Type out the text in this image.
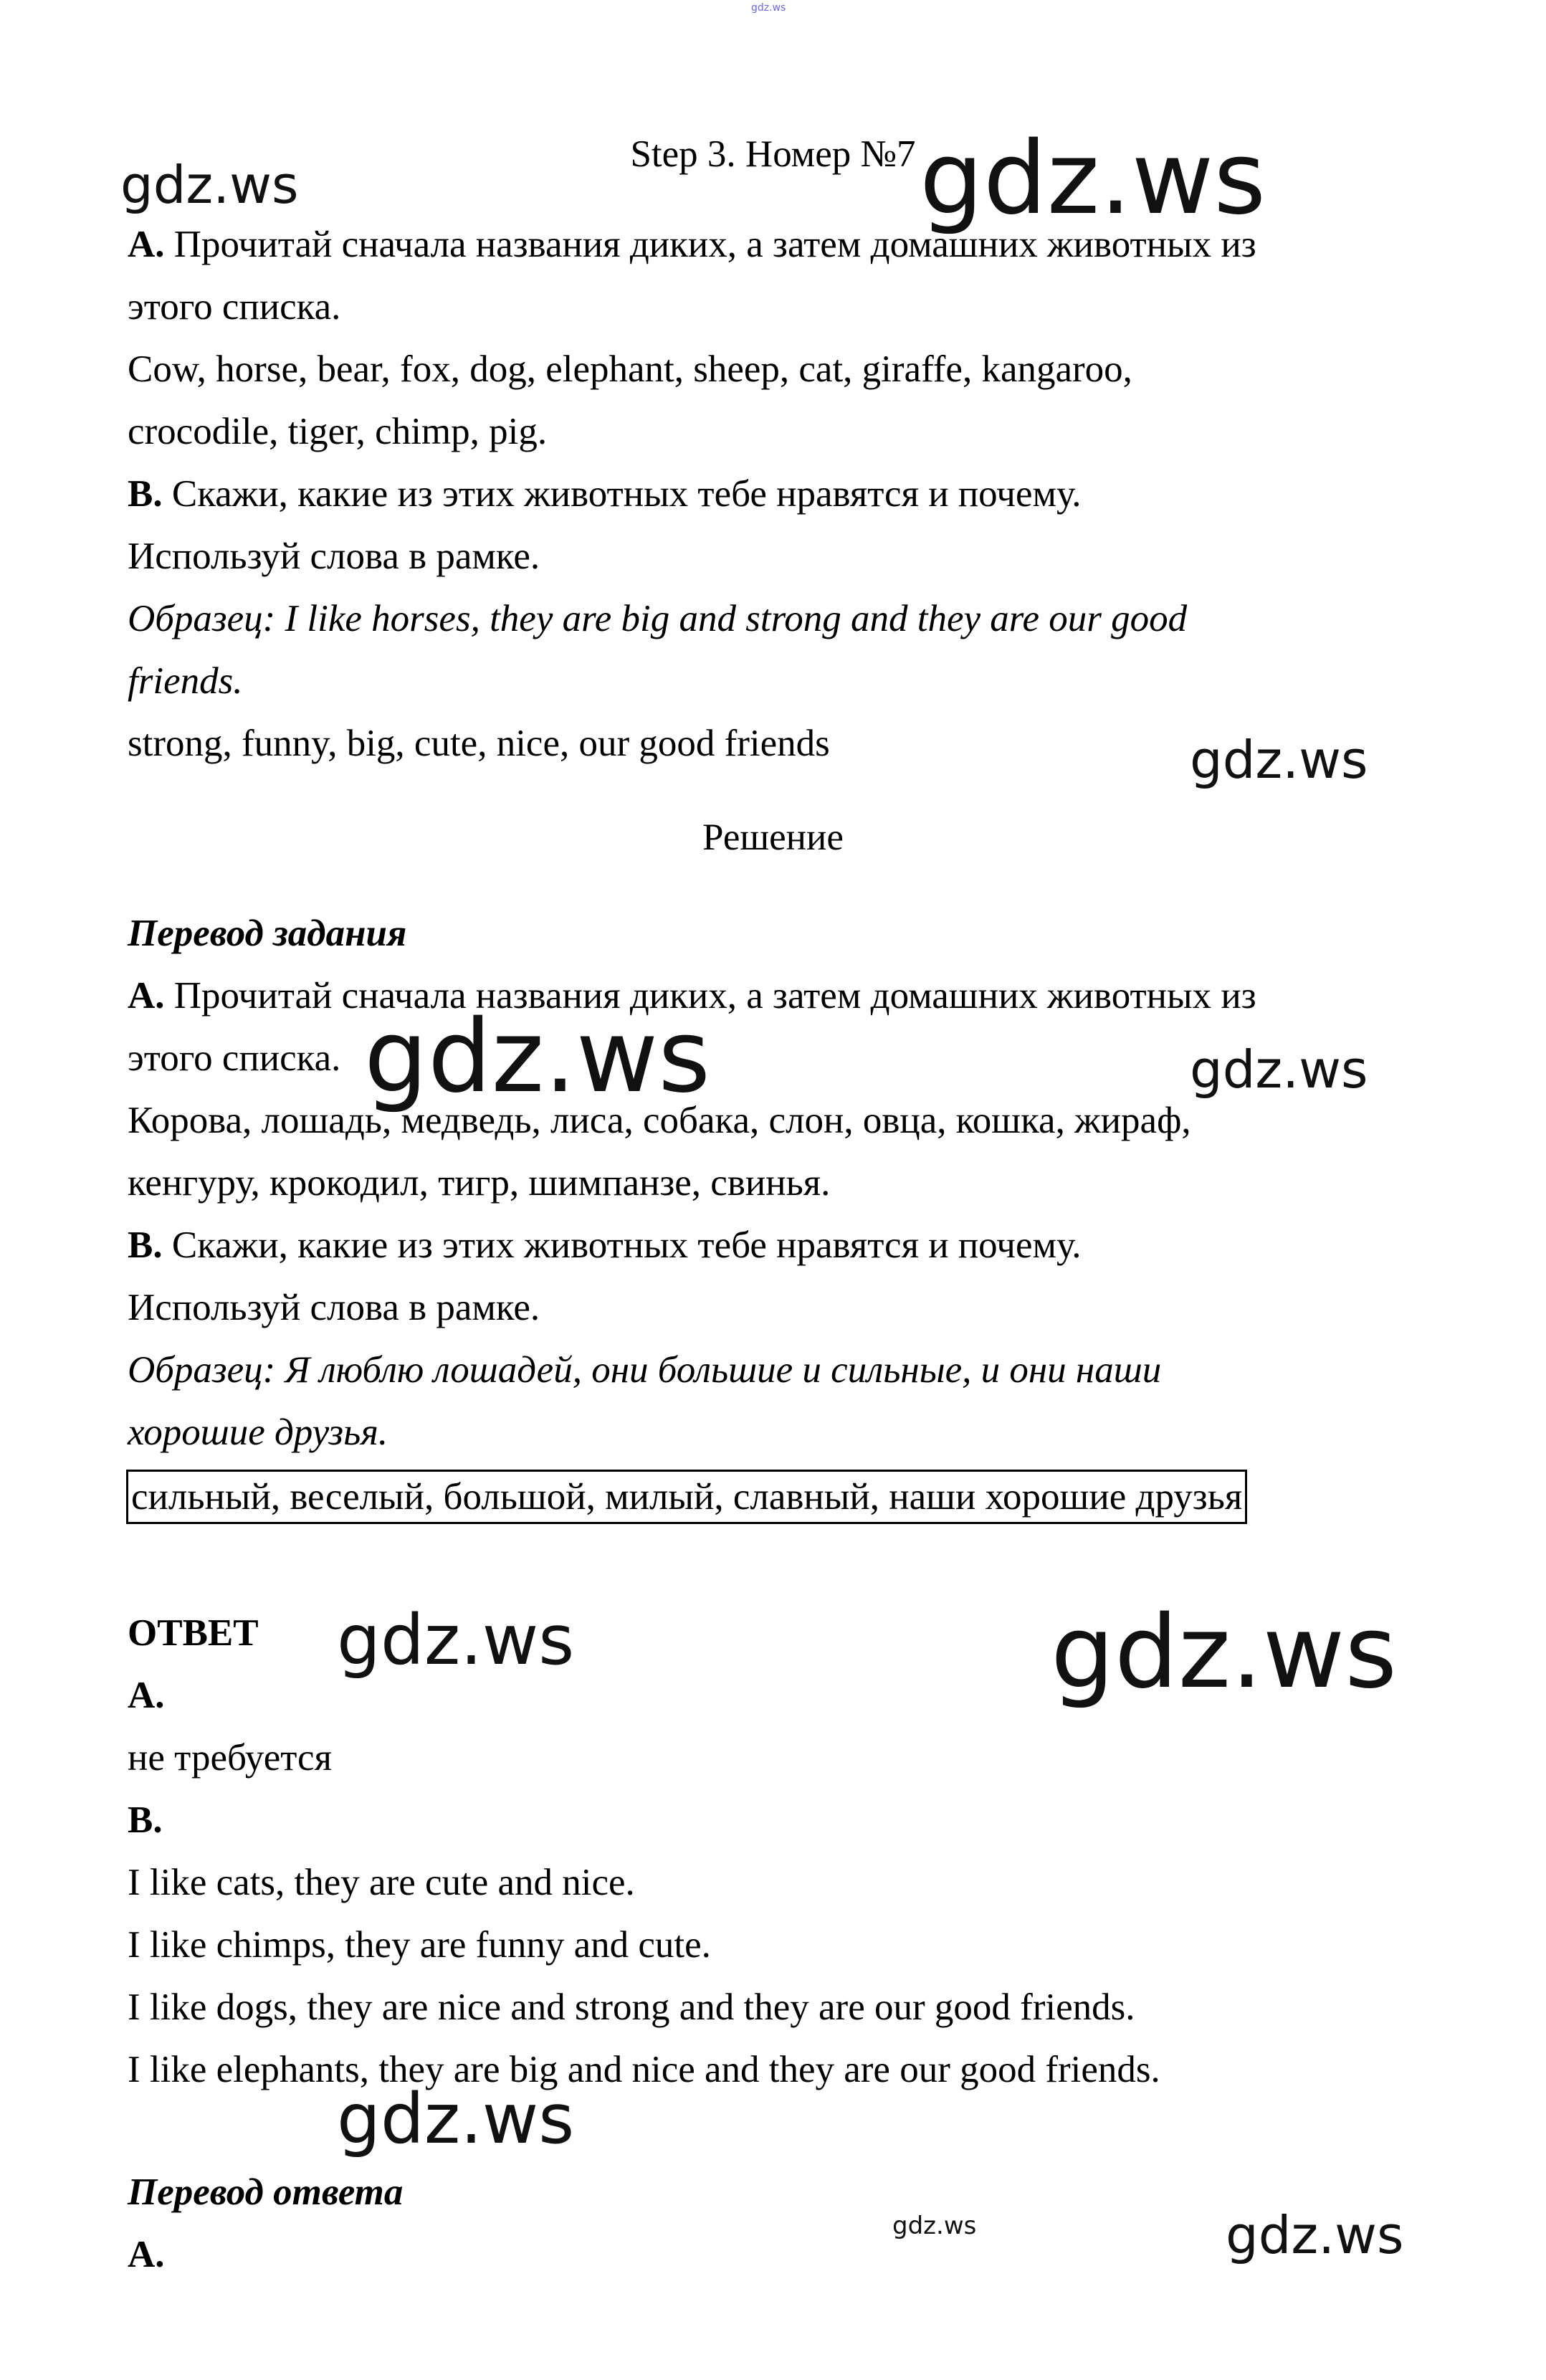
gdz.ws
gdz.ws	gdz.ws
gdz.ws
gdz.ws	gdz.ws
gdz.ws	gdz.ws
gdz.ws
gdz.ws	gdz.ws
Step 3. Номер №7
A. Прочитай сначала названия диких, а затем домашних животных из
этого списка.
Cow, horse, bear, fox, dog, elephant, sheep, cat, giraffe, kangaroo,
crocodile, tiger, chimp, pig.
B. Скажи, какие из этих животных тебе нравятся и почему.
Используй слова в рамке.
Образец: I like horses, they are big and strong and they are our good
friends.
strong, funny, big, cute, nice, our good friends
Решение
Перевод задания
A. Прочитай сначала названия диких, а затем домашних животных из
этого списка.
Корова, лошадь, медведь, лиса, собака, слон, овца, кошка, жираф,
кенгуру, крокодил, тигр, шимпанзе, свинья.
B. Скажи, какие из этих животных тебе нравятся и почему.
Используй слова в рамке.
Образец: Я люблю лошадей, они большие и сильные, и они наши
хорошие друзья.
сильный, веселый, большой, милый, славный, наши хорошие друзья
ОТВЕТ
A.
не требуется
B.
I like cats, they are cute and nice.
I like chimps, they are funny and cute.
I like dogs, they are nice and strong and they are our good friends.
I like elephants, they are big and nice and they are our good friends.
Перевод ответа
A.
